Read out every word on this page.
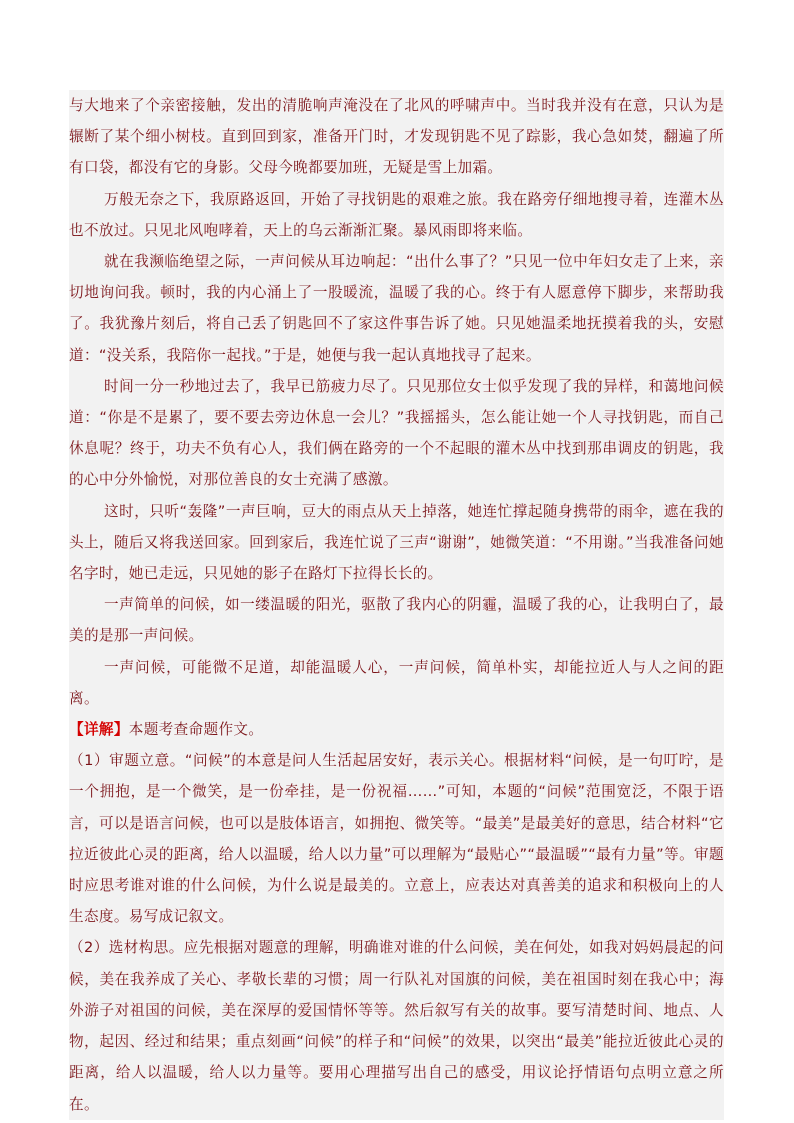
与大地来了个亲密接触，发出的清脆响声淹没在了北风的呼啸声中。当时我并没有在意，只认为是辗断了某个细小树枝。直到回到家，准备开门时，才发现钥匙不见了踪影，我心急如焚，翻遍了所有口袋，都没有它的身影。父母今晚都要加班，无疑是雪上加霜。

万般无奈之下，我原路返回，开始了寻找钥匙的艰难之旅。我在路旁仔细地搜寻着，连灌木丛也不放过。只见北风咆哮着，天上的乌云渐渐汇聚。暴风雨即将来临。

就在我濒临绝望之际，一声问候从耳边响起：“出什么事了？”只见一位中年妇女走了上来，亲切地询问我。顿时，我的内心涌上了一股暖流，温暖了我的心。终于有人愿意停下脚步，来帮助我了。我犹豫片刻后，将自己丢了钥匙回不了家这件事告诉了她。只见她温柔地抚摸着我的头，安慰道：“没关系，我陪你一起找。”于是，她便与我一起认真地找寻了起来。

时间一分一秒地过去了，我早已筋疲力尽了。只见那位女士似乎发现了我的异样，和蔼地问候道：“你是不是累了，要不要去旁边休息一会儿？”我摇摇头，怎么能让她一个人寻找钥匙，而自己休息呢？终于，功夫不负有心人，我们俩在路旁的一个不起眼的灌木丛中找到那串调皮的钥匙，我的心中分外愉悦，对那位善良的女士充满了感激。

这时，只听“轰隆”一声巨响，豆大的雨点从天上掉落，她连忙撑起随身携带的雨伞，遮在我的头上，随后又将我送回家。回到家后，我连忙说了三声“谢谢”，她微笑道：“不用谢。”当我准备问她名字时，她已走远，只见她的影子在路灯下拉得长长的。

一声简单的问候，如一缕温暖的阳光，驱散了我内心的阴霾，温暖了我的心，让我明白了，最美的是那一声问候。

一声问候，可能微不足道，却能温暖人心，一声问候，简单朴实，却能拉近人与人之间的距离。

【详解】本题考查命题作文。

（1）审题立意。“问候”的本意是问人生活起居安好，表示关心。根据材料“问候，是一句叮咛，是一个拥抱，是一个微笑，是一份牵挂，是一份祝福……”可知，本题的“问候”范围宽泛，不限于语言，可以是语言问候，也可以是肢体语言，如拥抱、微笑等。“最美”是最美好的意思，结合材料“它拉近彼此心灵的距离，给人以温暖，给人以力量”可以理解为“最贴心”“最温暖”“最有力量”等。审题时应思考谁对谁的什么问候，为什么说是最美的。立意上，应表达对真善美的追求和积极向上的人生态度。易写成记叙文。

（2）选材构思。应先根据对题意的理解，明确谁对谁的什么问候，美在何处，如我对妈妈晨起的问候，美在我养成了关心、孝敬长辈的习惯；周一行队礼对国旗的问候，美在祖国时刻在我心中；海外游子对祖国的问候，美在深厚的爱国情怀等等。然后叙写有关的故事。要写清楚时间、地点、人物，起因、经过和结果；重点刻画“问候”的样子和“问候”的效果，以突出“最美”能拉近彼此心灵的距离，给人以温暖，给人以力量等。要用心理描写出自己的感受，用议论抒情语句点明立意之所在。
